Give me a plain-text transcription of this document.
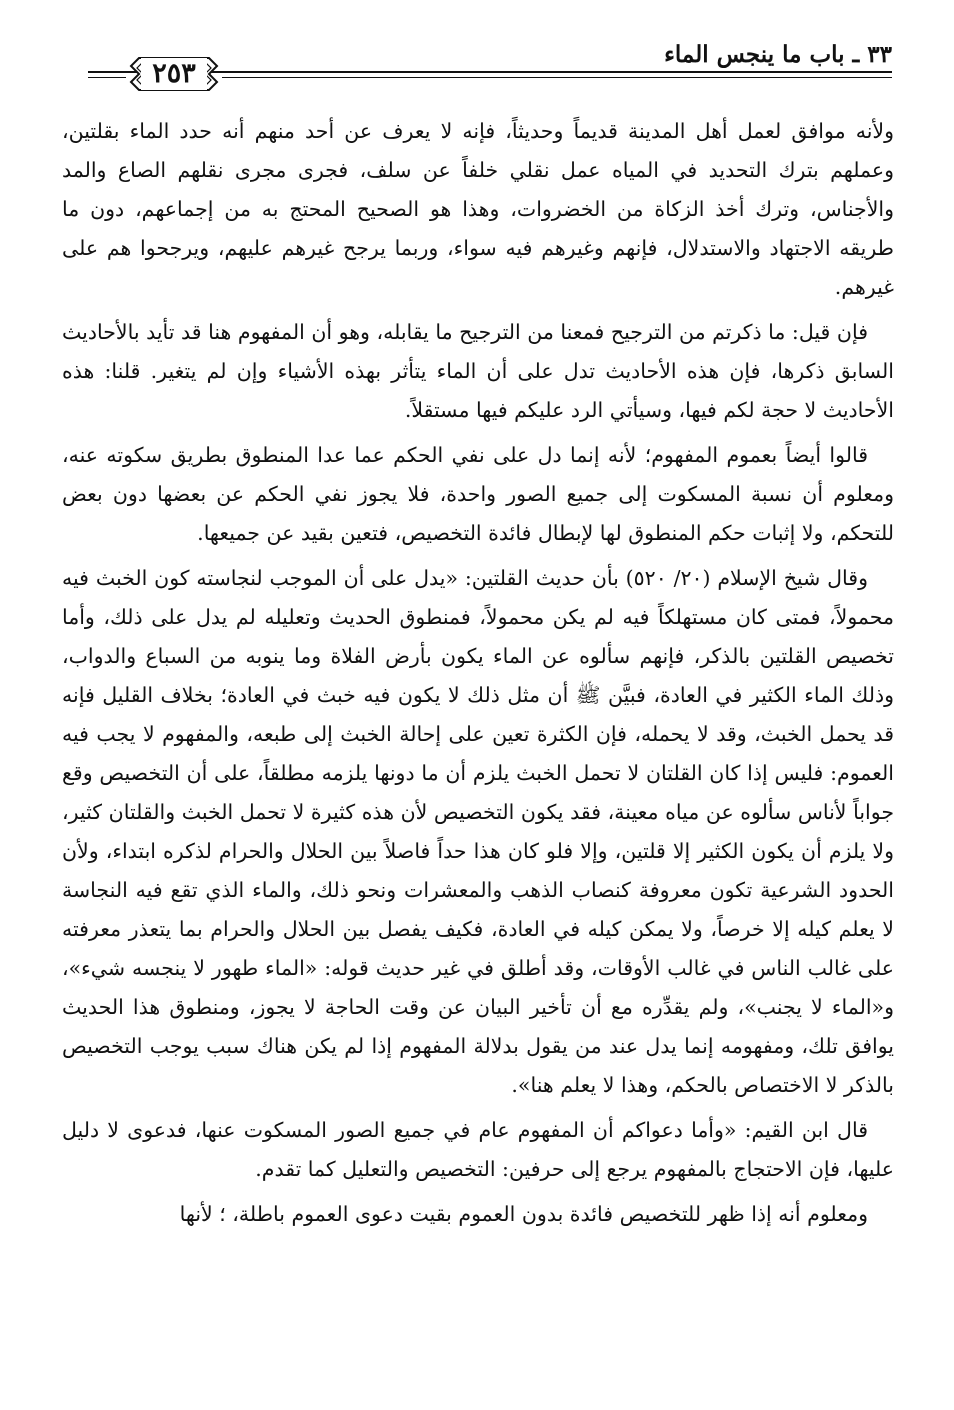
٣٣ ـ باب ما ينجس الماء
٢٥٣

ولأنه موافق لعمل أهل المدينة قديماً وحديثاً، فإنه لا يعرف عن أحد منهم أنه حدد الماء بقلتين، وعملهم بترك التحديد في المياه عمل نقلي خلفاً عن سلف، فجرى مجرى نقلهم الصاع والمد والأجناس، وترك أخذ الزكاة من الخضروات، وهذا هو الصحيح المحتج به من إجماعهم، دون ما طريقه الاجتهاد والاستدلال، فإنهم وغيرهم فيه سواء، وربما يرجح غيرهم عليهم، ويرجحوا هم على غيرهم.

فإن قيل: ما ذكرتم من الترجيح فمعنا من الترجيح ما يقابله، وهو أن المفهوم هنا قد تأيد بالأحاديث السابق ذكرها، فإن هذه الأحاديث تدل على أن الماء يتأثر بهذه الأشياء وإن لم يتغير. قلنا: هذه الأحاديث لا حجة لكم فيها، وسيأتي الرد عليكم فيها مستقلاً.

قالوا أيضاً بعموم المفهوم؛ لأنه إنما دل على نفي الحكم عما عدا المنطوق بطريق سكوته عنه، ومعلوم أن نسبة المسكوت إلى جميع الصور واحدة، فلا يجوز نفي الحكم عن بعضها دون بعض للتحكم، ولا إثبات حكم المنطوق لها لإبطال فائدة التخصيص، فتعين بقيد عن جميعها.

وقال شيخ الإسلام (٢٠/ ٥٢٠) بأن حديث القلتين: «يدل على أن الموجب لنجاسته كون الخبث فيه محمولاً، فمتى كان مستهلكاً فيه لم يكن محمولاً، فمنطوق الحديث وتعليله لم يدل على ذلك، وأما تخصيص القلتين بالذكر، فإنهم سألوه عن الماء يكون بأرض الفلاة وما ينوبه من السباع والدواب، وذلك الماء الكثير في العادة، فبيَّن ﷺ أن مثل ذلك لا يكون فيه خبث في العادة؛ بخلاف القليل فإنه قد يحمل الخبث، وقد لا يحمله، فإن الكثرة تعين على إحالة الخبث إلى طبعه، والمفهوم لا يجب فيه العموم: فليس إذا كان القلتان لا تحمل الخبث يلزم أن ما دونها يلزمه مطلقاً، على أن التخصيص وقع جواباً لأناس سألوه عن مياه معينة، فقد يكون التخصيص لأن هذه كثيرة لا تحمل الخبث والقلتان كثير، ولا يلزم أن يكون الكثير إلا قلتين، وإلا فلو كان هذا حداً فاصلاً بين الحلال والحرام لذكره ابتداء، ولأن الحدود الشرعية تكون معروفة كنصاب الذهب والمعشرات ونحو ذلك، والماء الذي تقع فيه النجاسة لا يعلم كيله إلا خرصاً، ولا يمكن كيله في العادة، فكيف يفصل بين الحلال والحرام بما يتعذر معرفته على غالب الناس في غالب الأوقات، وقد أطلق في غير حديث قوله: «الماء طهور لا ينجسه شيء»، و«الماء لا يجنب»، ولم يقدِّره مع أن تأخير البيان عن وقت الحاجة لا يجوز، ومنطوق هذا الحديث يوافق تلك، ومفهومه إنما يدل عند من يقول بدلالة المفهوم إذا لم يكن هناك سبب يوجب التخصيص بالذكر لا الاختصاص بالحكم، وهذا لا يعلم هنا».

قال ابن القيم: «وأما دعواكم أن المفهوم عام في جميع الصور المسكوت عنها، فدعوى لا دليل عليها، فإن الاحتجاج بالمفهوم يرجع إلى حرفين: التخصيص والتعليل كما تقدم.

ومعلوم أنه إذا ظهر للتخصيص فائدة بدون العموم بقيت دعوى العموم باطلة، ؛ لأنها
